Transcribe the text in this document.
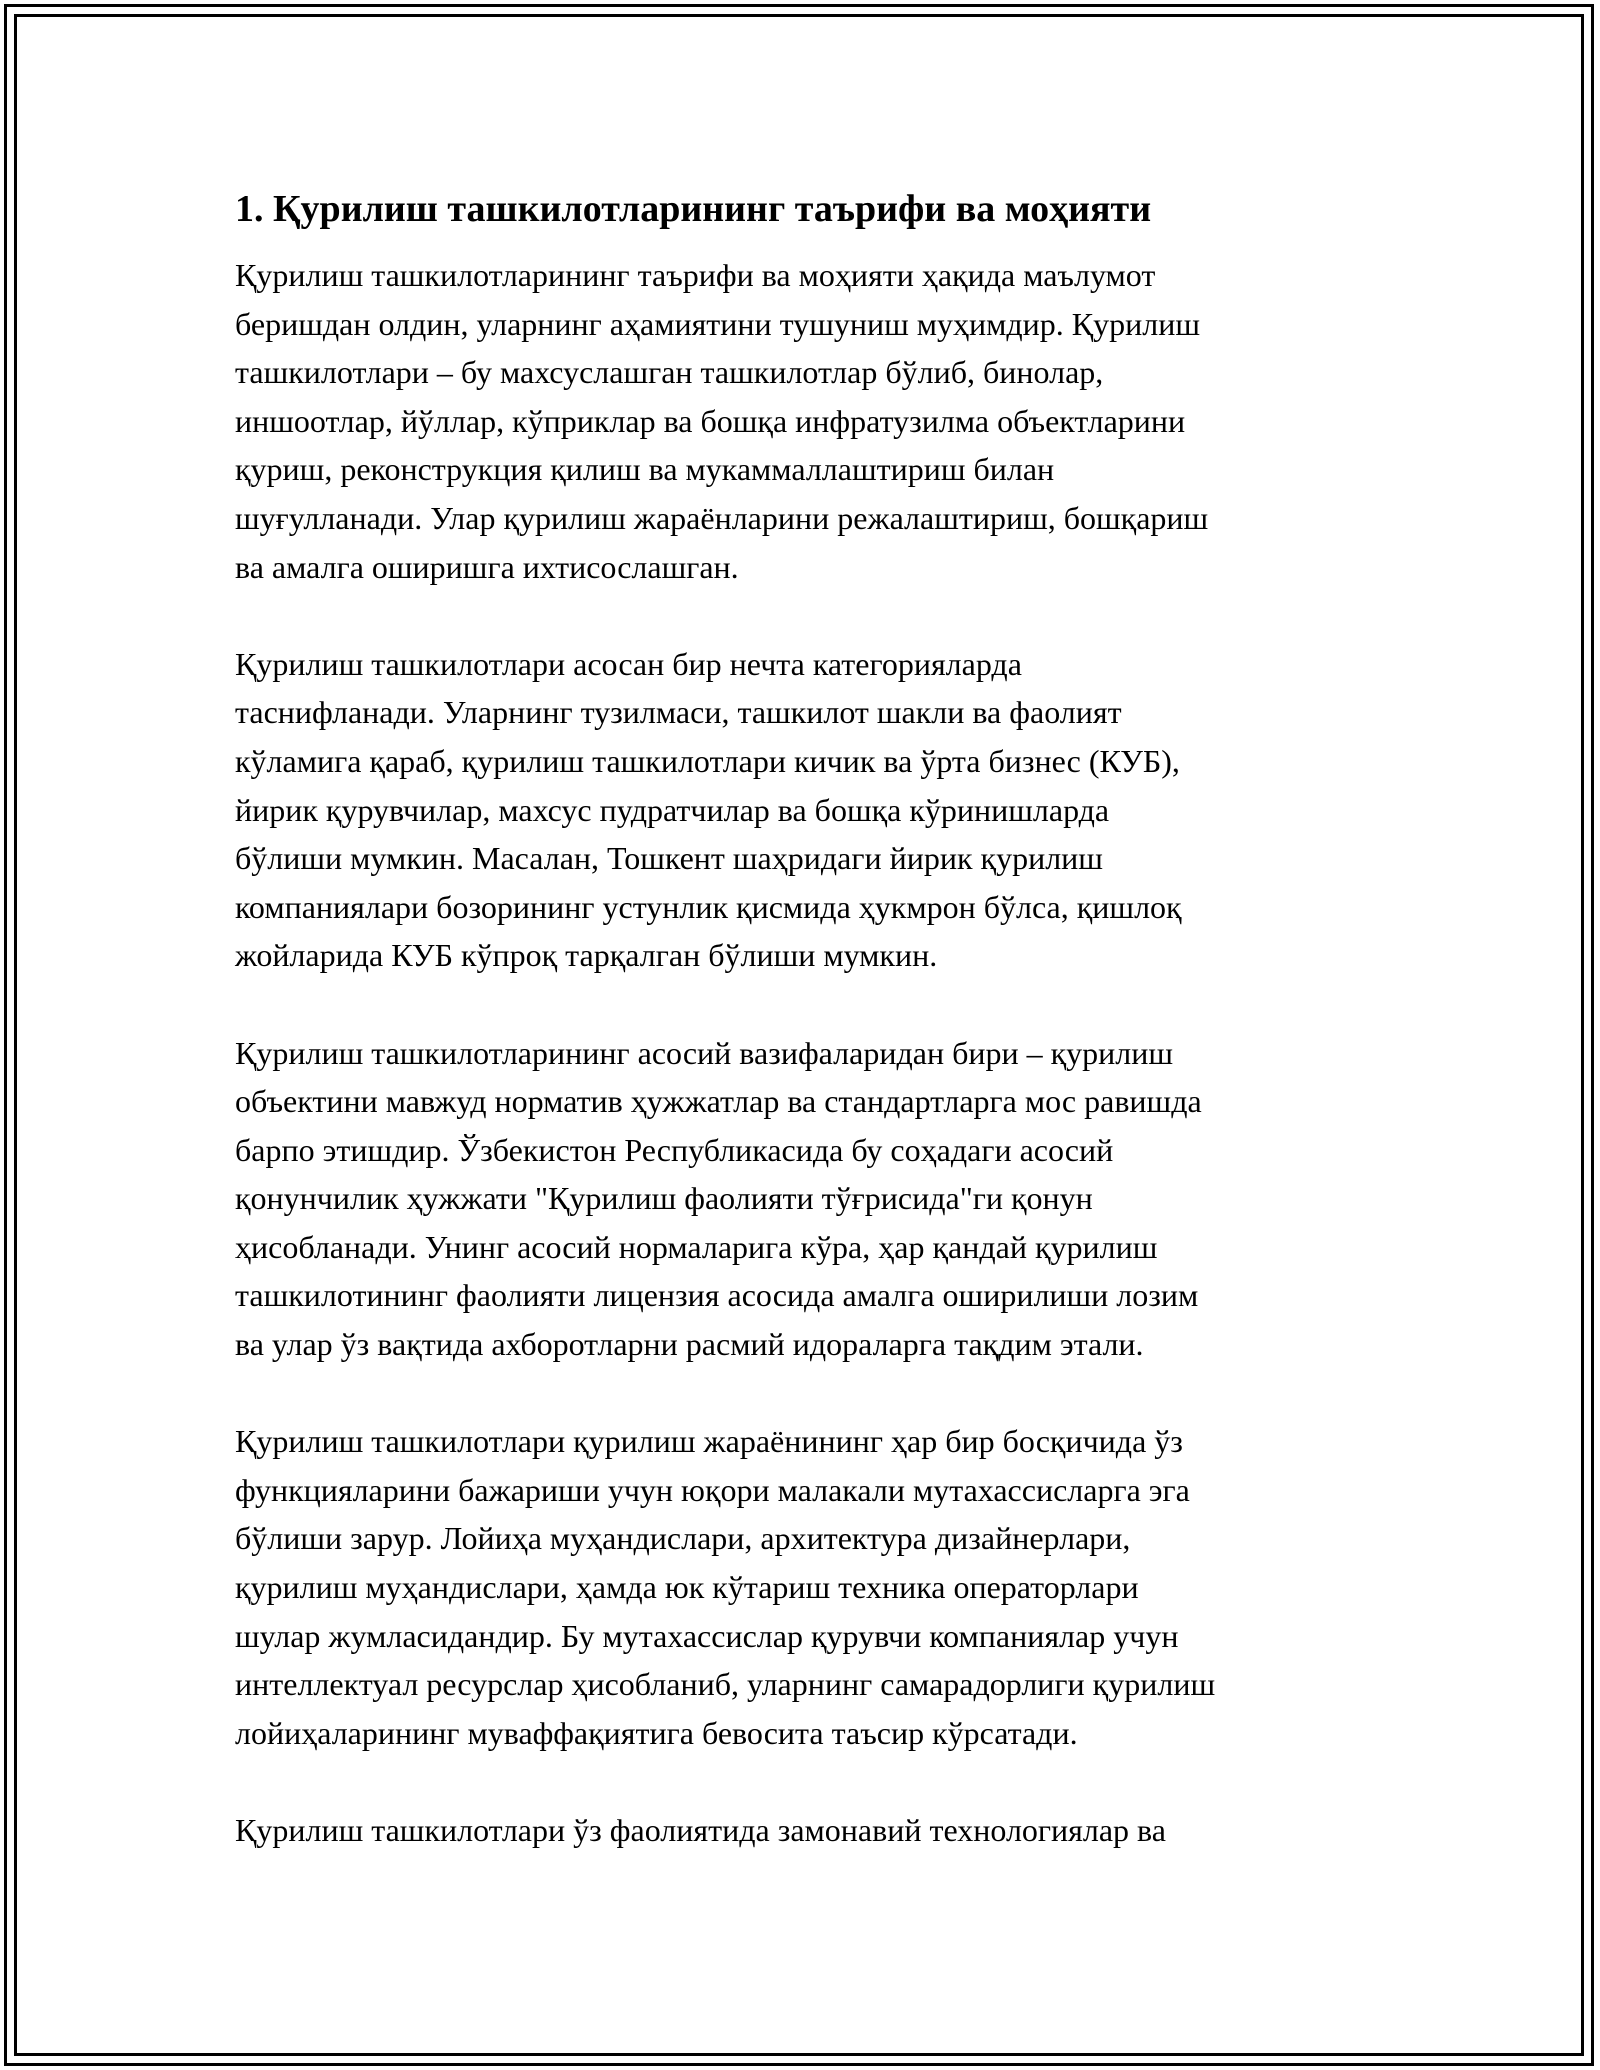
1. Қурилиш ташкилотларининг таърифи ва моҳияти

Қурилиш ташкилотларининг таърифи ва моҳияти ҳақида маълумот
беришдан олдин, уларнинг аҳамиятини тушуниш муҳимдир. Қурилиш
ташкилотлари – бу махсуслашган ташкилотлар бўлиб, бинолар,
иншоотлар, йўллар, кўприклар ва бошқа инфратузилма объектларини
қуриш, реконструкция қилиш ва мукаммаллаштириш билан
шуғулланади. Улар қурилиш жараёнларини режалаштириш, бошқариш
ва амалга оширишга ихтисослашган.

Қурилиш ташкилотлари асосан бир нечта категорияларда
таснифланади. Уларнинг тузилмаси, ташкилот шакли ва фаолият
кўламига қараб, қурилиш ташкилотлари кичик ва ўрта бизнес (КУБ),
йирик қурувчилар, махсус пудратчилар ва бошқа кўринишларда
бўлиши мумкин. Масалан, Тошкент шаҳридаги йирик қурилиш
компаниялари бозорининг устунлик қисмида ҳукмрон бўлса, қишлоқ
жойларида КУБ кўпроқ тарқалган бўлиши мумкин.

Қурилиш ташкилотларининг асосий вазифаларидан бири – қурилиш
объектини мавжуд норматив ҳужжатлар ва стандартларга мос равишда
барпо этишдир. Ўзбекистон Республикасида бу соҳадаги асосий
қонунчилик ҳужжати "Қурилиш фаолияти тўғрисида"ги қонун
ҳисобланади. Унинг асосий нормаларига кўра, ҳар қандай қурилиш
ташкилотининг фаолияти лицензия асосида амалга оширилиши лозим
ва улар ўз вақтида ахборотларни расмий идораларга тақдим этали.

Қурилиш ташкилотлари қурилиш жараёнининг ҳар бир босқичида ўз
функцияларини бажариши учун юқори малакали мутахассисларга эга
бўлиши зарур. Лойиҳа муҳандислари, архитектура дизайнерлари,
қурилиш муҳандислари, ҳамда юк кўтариш техника операторлари
шулар жумласидандир. Бу мутахассислар қурувчи компаниялар учун
интеллектуал ресурслар ҳисобланиб, уларнинг самарадорлиги қурилиш
лойиҳаларининг муваффақиятига бевосита таъсир кўрсатади.

Қурилиш ташкилотлари ўз фаолиятида замонавий технологиялар ва
